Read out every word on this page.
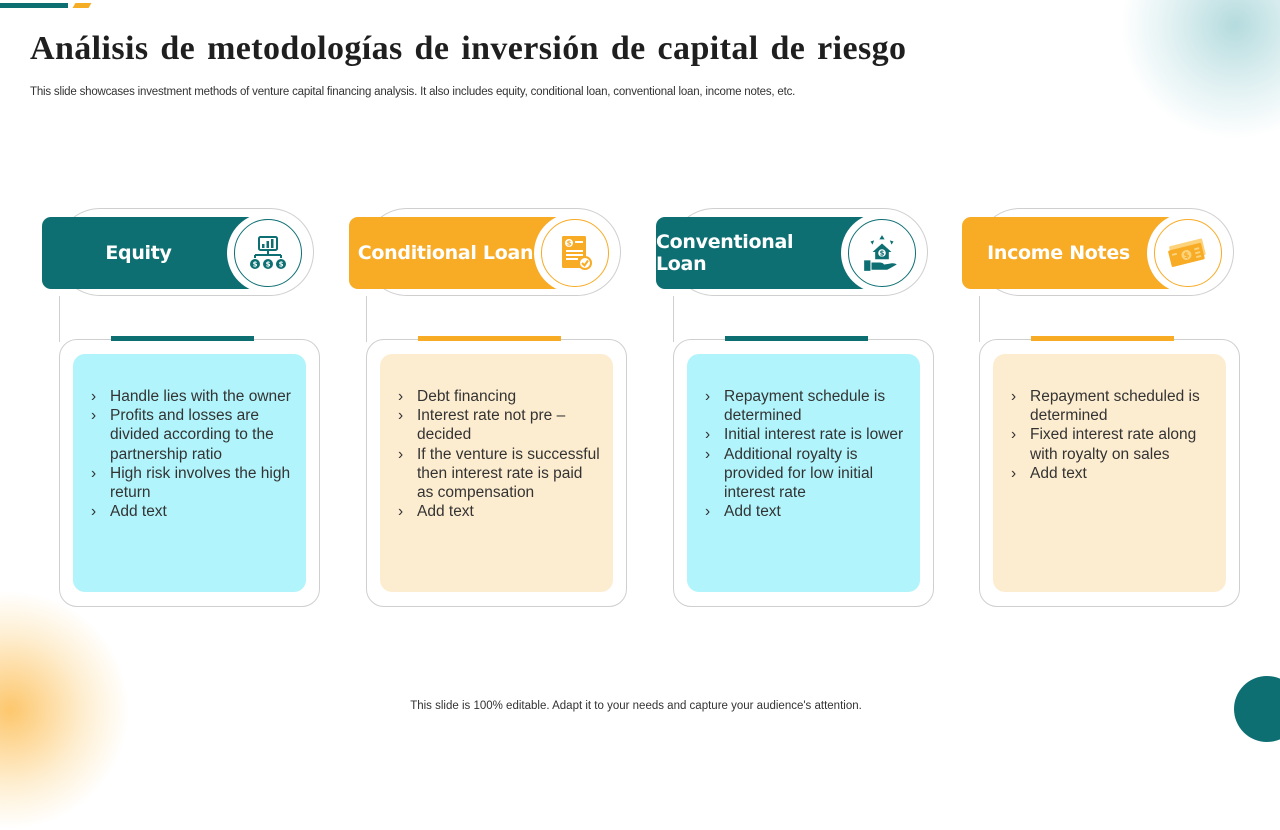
Análisis de metodologías de inversión de capital de riesgo
This slide showcases investment methods of venture capital financing analysis. It also includes equity, conditional loan, conventional loan, income notes, etc.
Equity
$ $ $
› Handle lies with the owner
› Profits and losses are divided according to the partnership ratio
› High risk involves the high return
› Add text
Conditional Loan	$
› Debt financing
› Interest rate not pre – decided
› If the venture is successful then interest rate is paid as compensation
› Add text
Conventional Loan	$
› Repayment schedule is determined
› Initial interest rate is lower
› Additional royalty is provided for low initial interest rate
› Add text
Income Notes	$
› Repayment scheduled is determined
› Fixed interest rate along with royalty on sales
› Add text
This slide is 100% editable. Adapt it to your needs and capture your audience's attention.
